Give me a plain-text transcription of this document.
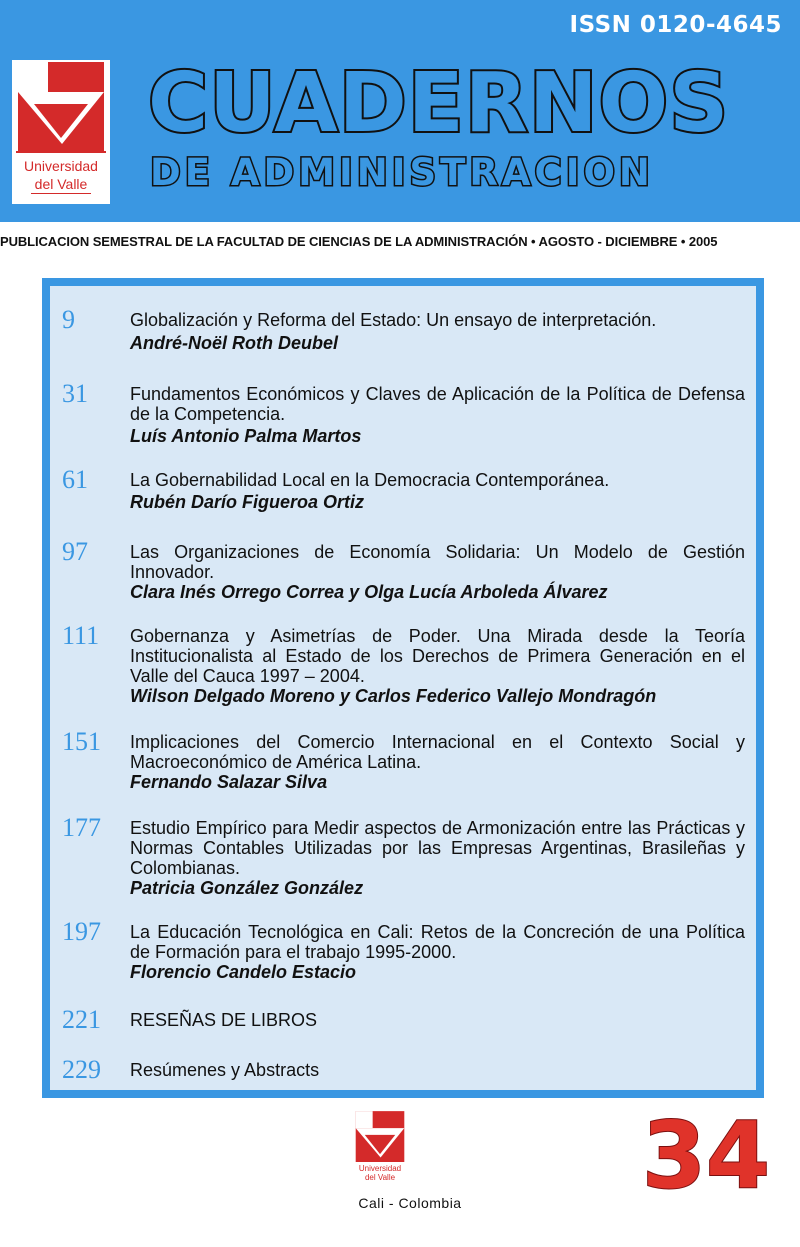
ISSN 0120-4645
Universidad
del Valle
CUADERNOS
DE ADMINISTRACION
PUBLICACION SEMESTRAL DE LA FACULTAD DE CIENCIAS DE LA ADMINISTRACIÓN • AGOSTO - DICIEMBRE • 2005
9	Globalización y Reforma del Estado: Un ensayo de interpretación.
André-Noël Roth Deubel
31 Fundamentos Económicos y Claves de Aplicación de la Política de Defensa de la Competencia.
Luís Antonio Palma Martos
61 La Gobernabilidad Local en la Democracia Contemporánea.
Rubén Darío Figueroa Ortiz
97 Las Organizaciones de Economía Solidaria: Un Modelo de Gestión Innovador.
Clara Inés Orrego Correa y Olga Lucía Arboleda Álvarez
111 Gobernanza y Asimetrías de Poder. Una Mirada desde la Teoría Institucionalista al Estado de los Derechos de Primera Generación en el Valle del Cauca 1997 – 2004.
Wilson Delgado Moreno y Carlos Federico Vallejo Mondragón
151 Implicaciones del Comercio Internacional en el Contexto Social y Macroeconómico de América Latina.
Fernando Salazar Silva
177 Estudio Empírico para Medir aspectos de Armonización entre las Prácticas y Normas Contables Utilizadas por las Empresas Argentinas, Brasileñas y Colombianas.
Patricia González González
197 La Educación Tecnológica en Cali: Retos de la Concreción de una Política de Formación para el trabajo 1995-2000.
Florencio Candelo Estacio
221 RESEÑAS DE LIBROS
229 Resúmenes y Abstracts
Universidad
del Valle
Cali - Colombia	34
